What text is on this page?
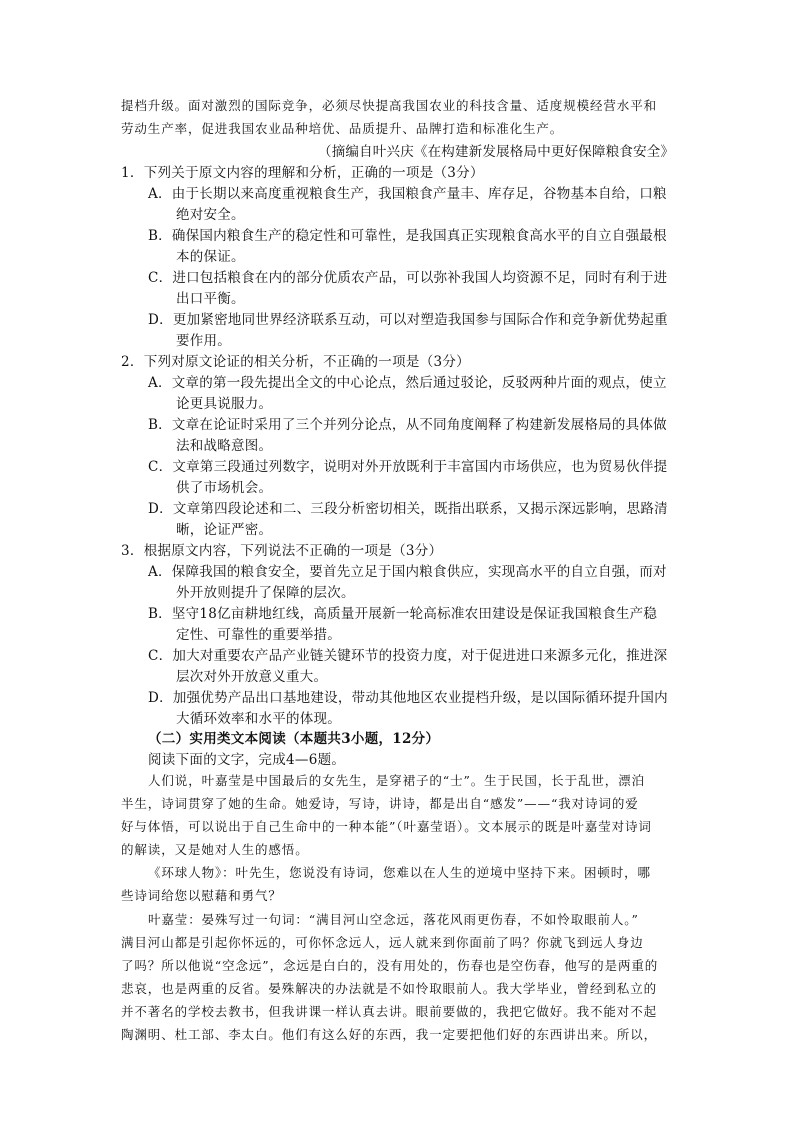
提档升级。面对激烈的国际竞争，必须尽快提高我国农业的科技含量、适度规模经营水平和

劳动生产率，促进我国农业品种培优、品质提升、品牌打造和标准化生产。

（摘编自叶兴庆《在构建新发展格局中更好保障粮食安全》

1．下列关于原文内容的理解和分析，正确的一项是（3分）

A．由于长期以来高度重视粮食生产，我国粮食产量丰、库存足，谷物基本自给，口粮

绝对安全。

B．确保国内粮食生产的稳定性和可靠性，是我国真正实现粮食高水平的自立自强最根

本的保证。

C．进口包括粮食在内的部分优质农产品，可以弥补我国人均资源不足，同时有利于进

出口平衡。

D．更加紧密地同世界经济联系互动，可以对塑造我国参与国际合作和竞争新优势起重

要作用。

2．下列对原文论证的相关分析，不正确的一项是（3分）

A．文章的第一段先提出全文的中心论点，然后通过驳论，反驳两种片面的观点，使立

论更具说服力。

B．文章在论证时采用了三个并列分论点，从不同角度阐释了构建新发展格局的具体做

法和战略意图。

C．文章第三段通过列数字，说明对外开放既利于丰富国内市场供应，也为贸易伙伴提

供了市场机会。

D．文章第四段论述和二、三段分析密切相关，既指出联系，又揭示深远影响，思路清

晰，论证严密。

3．根据原文内容，下列说法不正确的一项是（3分）

A．保障我国的粮食安全，要首先立足于国内粮食供应，实现高水平的自立自强，而对

外开放则提升了保障的层次。

B．坚守18亿亩耕地红线，高质量开展新一轮高标准农田建设是保证我国粮食生产稳

定性、可靠性的重要举措。

C．加大对重要农产品产业链关键环节的投资力度，对于促进进口来源多元化，推进深

层次对外开放意义重大。

D．加强优势产品出口基地建设，带动其他地区农业提档升级，是以国际循环提升国内

大循环效率和水平的体现。

（二）实用类文本阅读（本题共3小题，12分）

阅读下面的文字，完成4—6题。

人们说，叶嘉莹是中国最后的女先生，是穿裙子的“士”。生于民国，长于乱世，漂泊

半生，诗词贯穿了她的生命。她爱诗，写诗，讲诗，都是出自“感发”——“我对诗词的爱

好与体悟，可以说出于自己生命中的一种本能”（叶嘉莹语）。文本展示的既是叶嘉莹对诗词

的解读，又是她对人生的感悟。

《环球人物》：叶先生，您说没有诗词，您难以在人生的逆境中坚持下来。困顿时，哪

些诗词给您以慰藉和勇气？

叶嘉莹：晏殊写过一句词：“满目河山空念远，落花风雨更伤春，不如怜取眼前人。”

满目河山都是引起你怀远的，可你怀念远人，远人就来到你面前了吗？你就飞到远人身边

了吗？所以他说“空念远”，念远是白白的，没有用处的，伤春也是空伤春，他写的是两重的

悲哀，也是两重的反省。晏殊解决的办法就是不如怜取眼前人。我大学毕业，曾经到私立的

并不著名的学校去教书，但我讲课一样认真去讲。眼前要做的，我把它做好。我不能对不起

陶渊明、杜工部、李太白。他们有这么好的东西，我一定要把他们好的东西讲出来。所以，
